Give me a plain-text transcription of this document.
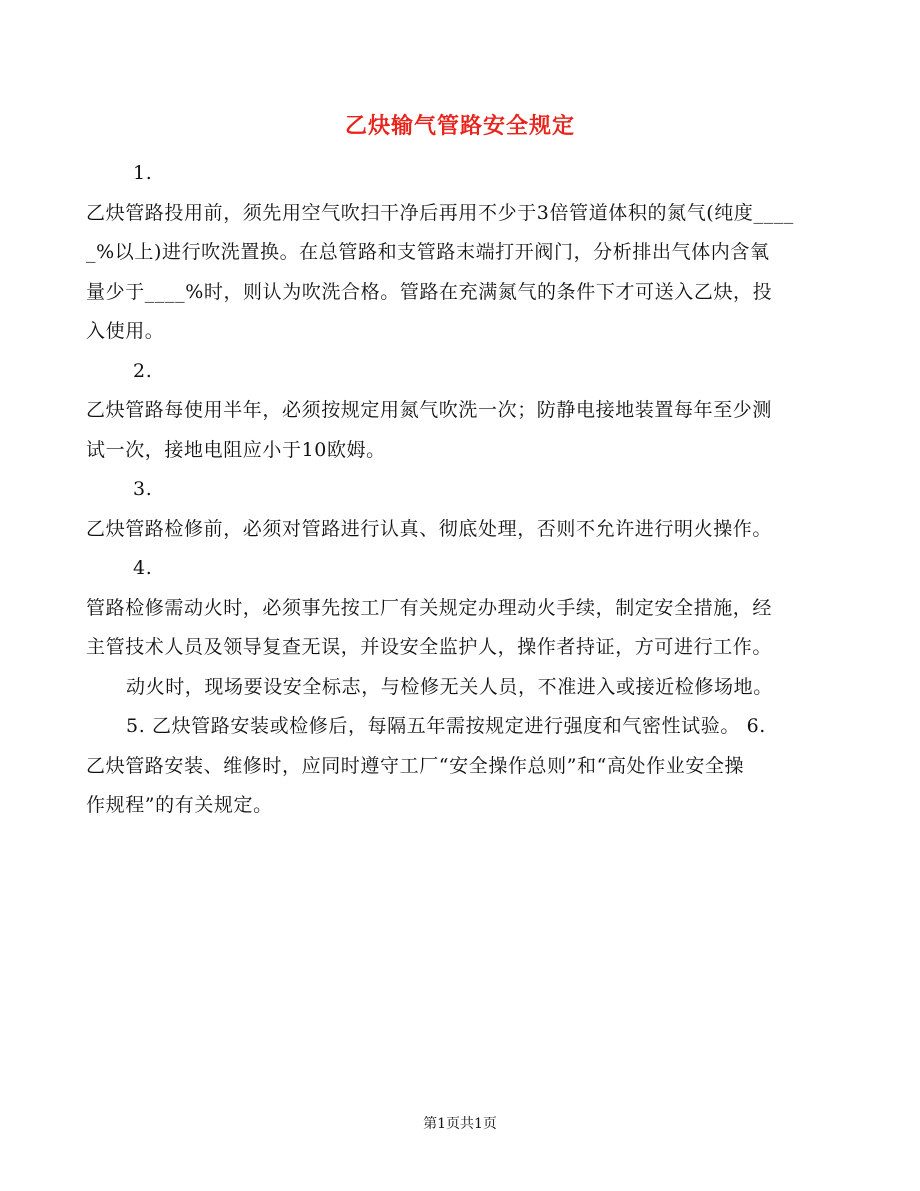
乙炔输气管路安全规定
1.
乙炔管路投用前，须先用空气吹扫干净后再用不少于3倍管道体积的氮气(纯度____
_%以上)进行吹洗置换。在总管路和支管路末端打开阀门，分析排出气体内含氧
量少于____%时，则认为吹洗合格。管路在充满氮气的条件下才可送入乙炔，投
入使用。
2.
乙炔管路每使用半年，必须按规定用氮气吹洗一次；防静电接地装置每年至少测
试一次，接地电阻应小于10欧姆。
3.
乙炔管路检修前，必须对管路进行认真、彻底处理，否则不允许进行明火操作。
4.
管路检修需动火时，必须事先按工厂有关规定办理动火手续，制定安全措施，经
主管技术人员及领导复查无误，并设安全监护人，操作者持证，方可进行工作。
动火时，现场要设安全标志，与检修无关人员，不准进入或接近检修场地。
5. 乙炔管路安装或检修后，每隔五年需按规定进行强度和气密性试验。 6.
乙炔管路安装、维修时，应同时遵守工厂“安全操作总则”和“高处作业安全操
作规程”的有关规定。
第1页共1页
